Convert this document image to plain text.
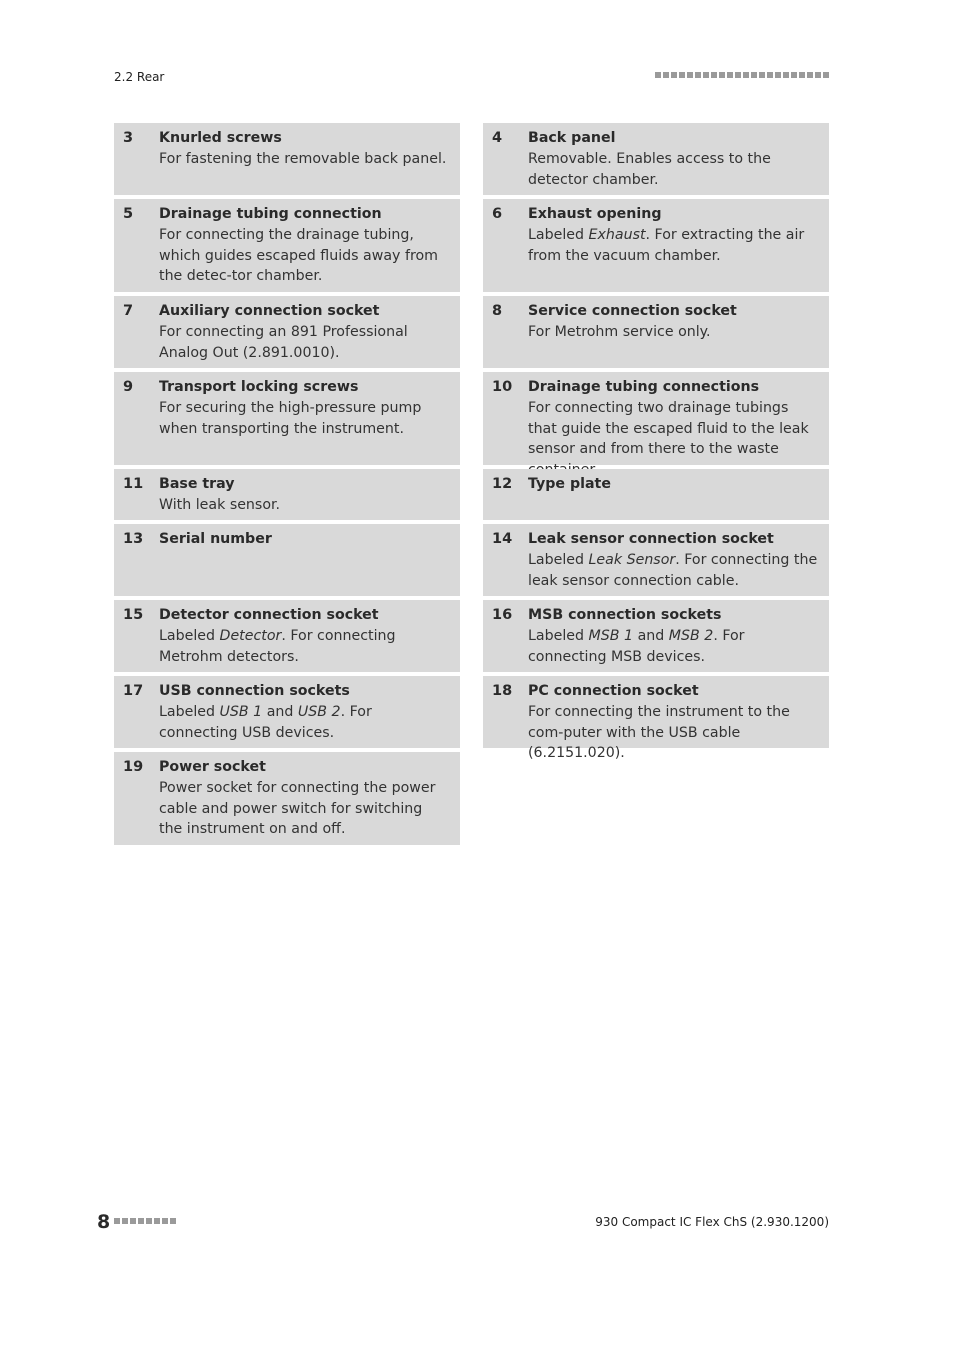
2.2 Rear
3	Knurled screws
For fastening the removable back panel.
4	Back panel
Removable. Enables access to the detector chamber.
5	Drainage tubing connection
For connecting the drainage tubing, which guides escaped fluids away from the detec-tor chamber.
6	Exhaust opening
Labeled Exhaust. For extracting the air from the vacuum chamber.
7	Auxiliary connection socket
For connecting an 891 Professional Analog Out (2.891.0010).
8	Service connection socket
For Metrohm service only.
9	Transport locking screws
For securing the high-pressure pump when transporting the instrument.
10	Drainage tubing connections
For connecting two drainage tubings that guide the escaped fluid to the leak sensor and from there to the waste
11	Base tray
With leak sensor.
12	Type plate
13	Serial number	14	Leak sensor connection socket
Labeled Leak Sensor. For connecting the leak sensor connection cable.
15	Detector connection socket
Labeled Detector. For connecting Metrohm detectors.
16	MSB connection sockets
Labeled MSB 1 and MSB 2. For connecting MSB devices.
17	USB connection sockets
Labeled USB 1 and USB 2. For connecting USB devices.
18	PC connection socket
For connecting the instrument to the com-puter with the USB cable (6.2151.020).
19	Power socket
Power socket for connecting the power cable and power switch for switching the instrument on and off.
8	930 Compact IC Flex ChS (2.930.1200)
